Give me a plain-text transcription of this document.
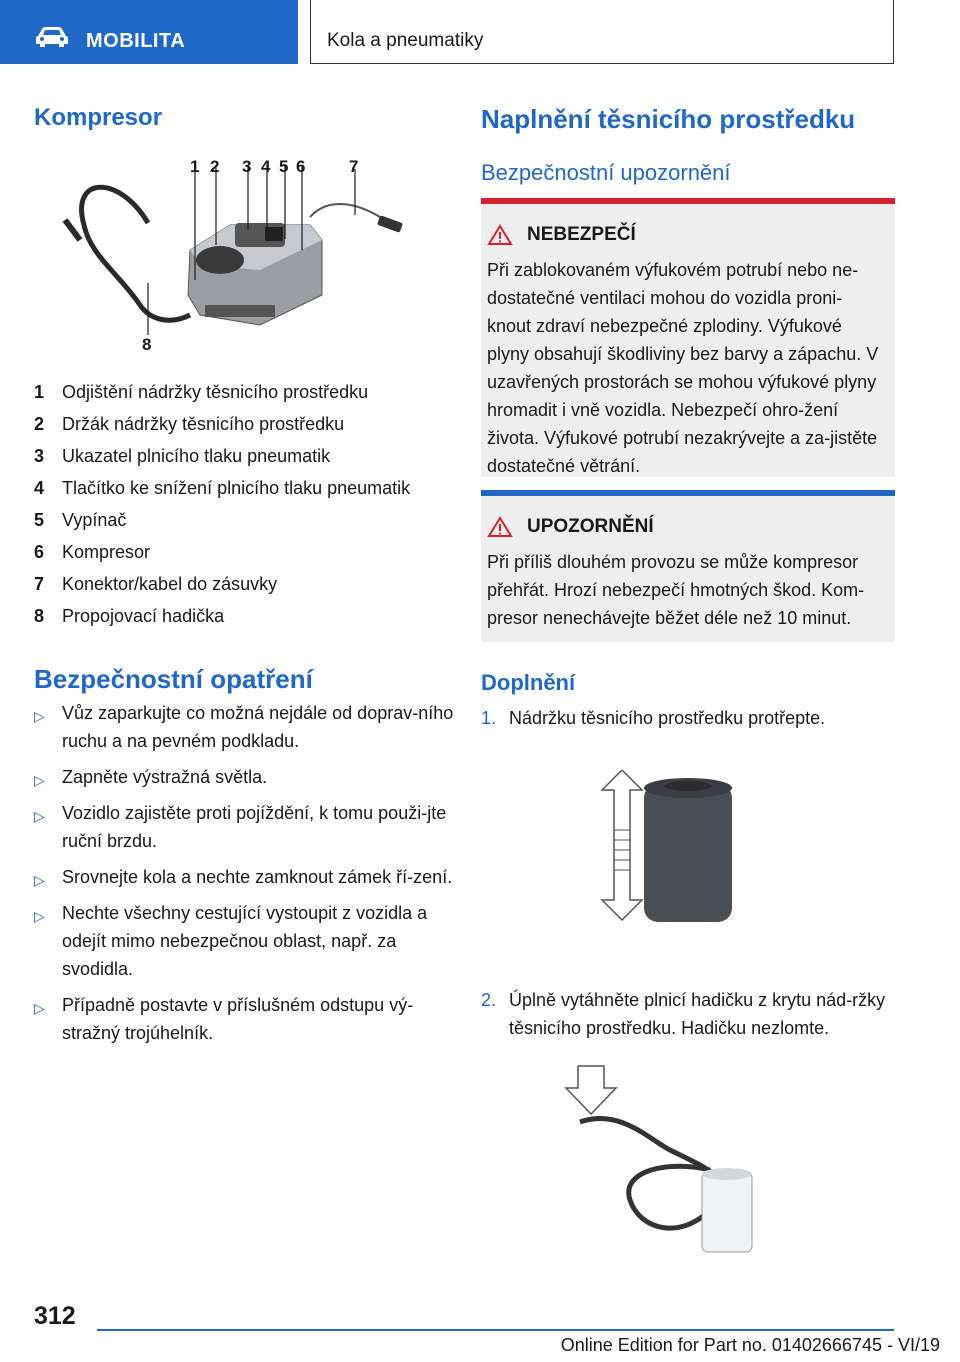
MOBILITA	Kola a pneumatiky
Kompresor
1 2 3 4 5 6	7
8
1 Odjištění nádržky těsnicího prostředku
2 Držák nádržky těsnicího prostředku
3 Ukazatel plnicího tlaku pneumatik
4 Tlačítko ke snížení plnicího tlaku pneumatik
5 Vypínač
6 Kompresor
7 Konektor/kabel do zásuvky
8 Propojovací hadička
Bezpečnostní opatření
▷ Vůz zaparkujte co možná nejdále od doprav-ního ruchu a na pevném podkladu.
▷ Zapněte výstražná světla.
▷ Vozidlo zajistěte proti pojíždění, k tomu použi-jte ruční brzdu.
▷ Srovnejte kola a nechte zamknout zámek ří-zení.
▷ Nechte všechny cestující vystoupit z vozidla a odejít mimo nebezpečnou oblast, např. za svodidla.
▷ Případně postavte v příslušném odstupu vý-stražný trojúhelník.
Naplnění těsnicího prostředku
Bezpečnostní upozornění
NEBEZPEČÍ
Při zablokovaném výfukovém potrubí nebo ne-dostatečné ventilaci mohou do vozidla proni-knout zdraví nebezpečné zplodiny. Výfukové plyny obsahují škodliviny bez barvy a zápachu. V uzavřených prostorách se mohou výfukové plyny hromadit i vně vozidla. Nebezpečí ohro-žení života. Výfukové potrubí nezakrývejte a za-jistěte dostatečné větrání.
UPOZORNĚNÍ
Při příliš dlouhém provozu se může kompresor přehřát. Hrozí nebezpečí hmotných škod. Kom-presor nenechávejte běžet déle než 10 minut.
Doplnění
1. Nádržku těsnicího prostředku protřepte.
2. Úplně vytáhněte plnicí hadičku z krytu nád-ržky těsnicího prostředku. Hadičku nezlomte.
312
Online Edition for Part no. 01402666745 - VI/19
